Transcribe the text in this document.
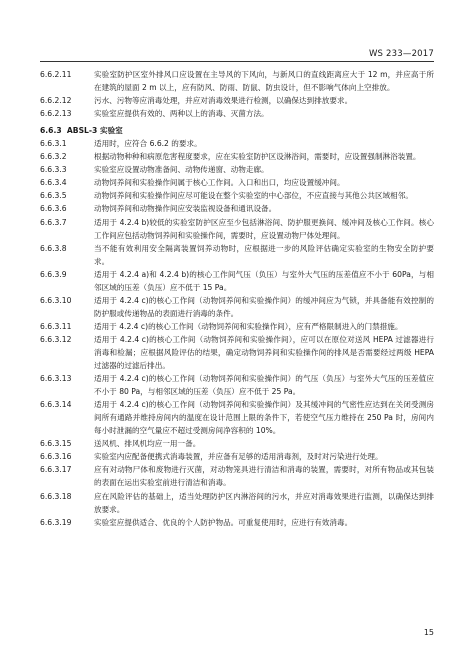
WS 233—2017
6.6.2.11	实验室防护区室外排风口应设置在主导风的下风向，与新风口的直线距离应大于 12 m，并应高于所在建筑的屋面 2 m 以上，应有防风、防雨、防鼠、防虫设计，但不影响气体向上空排放。
6.6.2.12	污水、污物等应消毒处理，并应对消毒效果进行检测，以确保达到排放要求。
6.6.2.13	实验室应提供有效的、两种以上的消毒、灭菌方法。
6.6.3 ABSL-3 实验室
6.6.3.1	适用时，应符合 6.6.2 的要求。
6.6.3.2	根据动物种种和病原危害程度要求，应在实验室防护区设淋浴间，需要时，应设置强制淋浴装置。
6.6.3.3	实验室应设置动物准备间、动物传递窗、动物走廊。
6.6.3.4	动物饲养间和实验操作间属于核心工作间。入口和出口，均应设置缓冲间。
6.6.3.5	动物饲养间和实验操作间应尽可能设在整个实验室的中心部位，不应直接与其他公共区域相邻。
6.6.3.6	动物饲养间和动物操作间应安装监视设备和通讯设备。
6.6.3.7	适用于 4.2.4 b)较低的实验室防护区应至少包括淋浴间、防护服更换间、缓冲间及核心工作间。核心工作间应包括动物饲养间和实验操作间，需要时，应设置动物尸体处理间。
6.6.3.8	当不能有效利用安全隔离装置饲养动物时，应根据进一步的风险评估确定实验室的生物安全防护要求。
6.6.3.9	适用于 4.2.4 a)和 4.2.4 b)的核心工作间气压（负压）与室外大气压的压差值应不小于 60Pa，与相邻区域的压差（负压）应不低于 15 Pa。
6.6.3.10	适用于 4.2.4 c)的核心工作间（动物饲养间和实验操作间）的缓冲间应为气锁，并具备能有效控制的防护服或传递物品的表面进行消毒的条件。
6.6.3.11	适用于 4.2.4 c)的核心工作间（动物饲养间和实验操作间），应有严格限制进入的门禁措施。
6.6.3.12	适用于 4.2.4 c)的核心工作间（动物饲养间和实验操作间），应可以在原位对送风 HEPA 过滤器进行消毒和检漏；应根据风险评估的结果，确定动物饲养间和实验操作间的排风是否需要经过两级 HEPA 过滤器的过滤后排出。
6.6.3.13	适用于 4.2.4 c)的核心工作间（动物饲养间和实验操作间）的气压（负压）与室外大气压的压差值应不小于 80 Pa，与相邻区域的压差（负压）应不低于 25 Pa。
6.6.3.14	适用于 4.2.4 c)的核心工作间（动物饲养间和实验操作间）及其缓冲间的气密性应达到在关闭受测房间所有通路并维持房间内的温度在设计范围上限的条件下，若使空气压力维持在 250 Pa 时，房间内每小时泄漏的空气量应不超过受测房间净容积的 10%。
6.6.3.15	送风机、排风机均应一用一备。
6.6.3.16	实验室内应配备便携式消毒装置，并应备有足够的适用消毒剂，及时对污染进行处理。
6.6.3.17	应有对动物尸体和废物进行灭菌，对动物笼具进行清洁和消毒的装置，需要时，对所有物品或其包装的表面在运出实验室前进行清洁和消毒。
6.6.3.18	应在风险评估的基础上，适当处理防护区内淋浴间的污水，并应对消毒效果进行监测，以确保达到排放要求。
6.6.3.19	实验室应提供适合、优良的个人防护物品。可重复使用时，应进行有效消毒。
15
